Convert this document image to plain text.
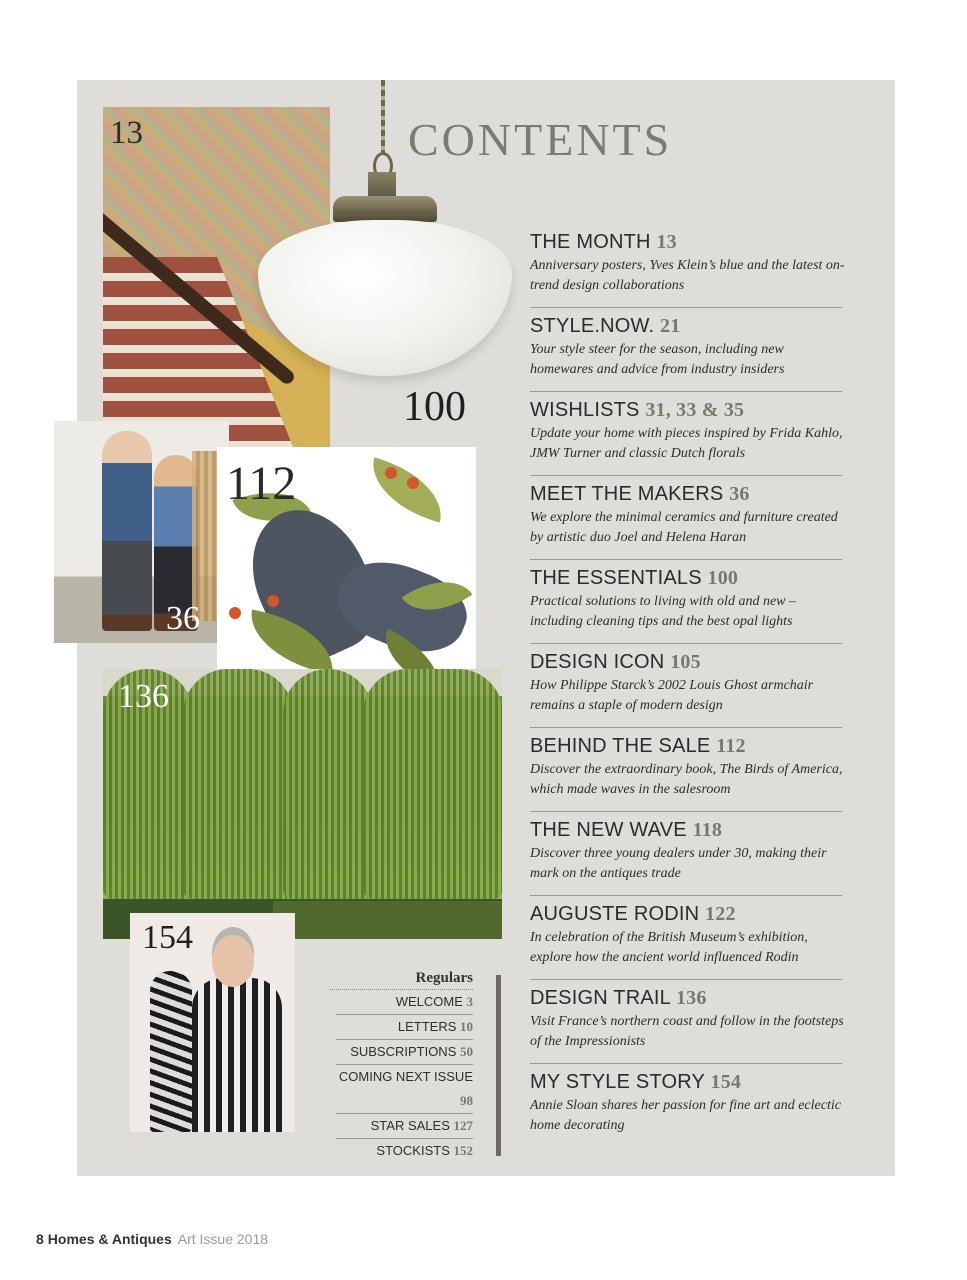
13
100
112
36
136
154
CONTENTS
THE MONTH 13
Anniversary posters, Yves Klein’s blue and the latest on-trend design collaborations
STYLE.NOW. 21
Your style steer for the season, including new homewares and advice from industry insiders
WISHLISTS 31, 33 & 35
Update your home with pieces inspired by Frida Kahlo, JMW Turner and classic Dutch florals
MEET THE MAKERS 36
We explore the minimal ceramics and furniture created by artistic duo Joel and Helena Haran
THE ESSENTIALS 100
Practical solutions to living with old and new – including cleaning tips and the best opal lights
DESIGN ICON 105
How Philippe Starck’s 2002 Louis Ghost armchair remains a staple of modern design
BEHIND THE SALE 112
Discover the extraordinary book, The Birds of America, which made waves in the salesroom
THE NEW WAVE 118
Discover three young dealers under 30, making their mark on the antiques trade
AUGUSTE RODIN 122
In celebration of the British Museum’s exhibition, explore how the ancient world influenced Rodin
DESIGN TRAIL 136
Visit France’s northern coast and follow in the footsteps of the Impressionists
MY STYLE STORY 154
Annie Sloan shares her passion for fine art and eclectic home decorating
Regulars
WELCOME 3
LETTERS 10
SUBSCRIPTIONS 50
COMING NEXT ISSUE 98
STAR SALES 127
STOCKISTS 152
8 Homes & Antiques Art Issue 2018
